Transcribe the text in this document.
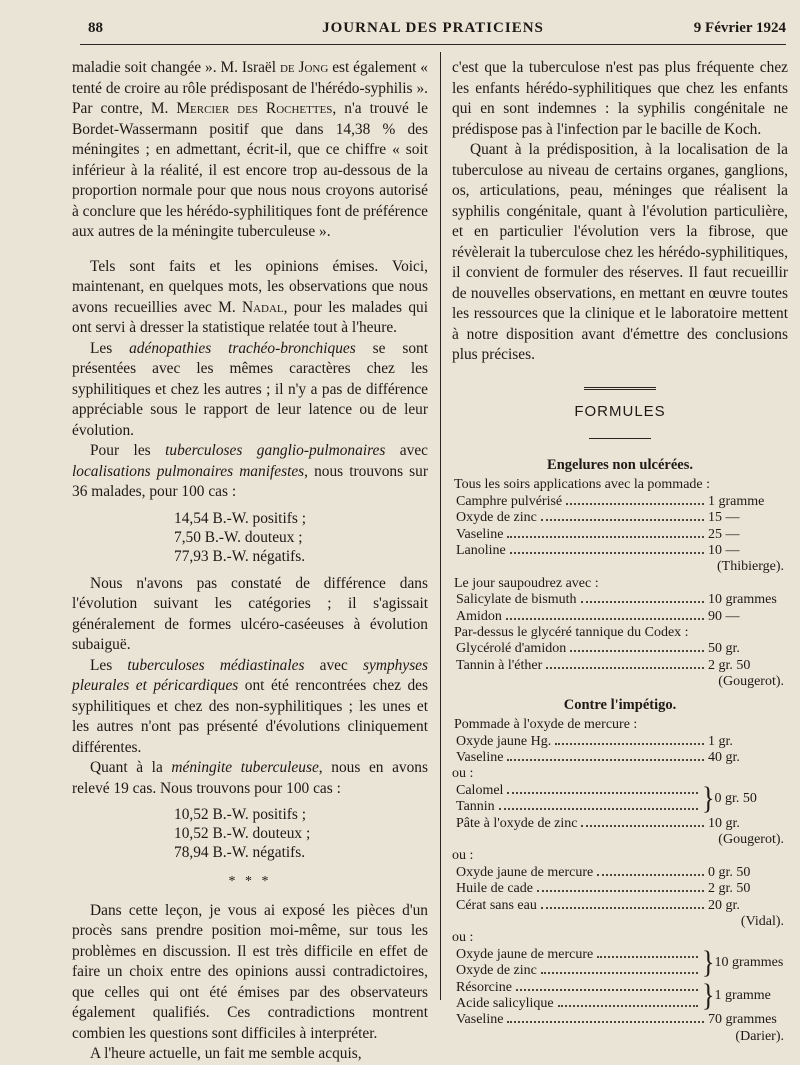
88	JOURNAL DES PRATICIENS	9 Février 1924

maladie soit changée ». M. Israël de Jong est également « tenté de croire au rôle prédisposant de l'hérédo-syphilis ». Par contre, M. Mercier des Rochettes, n'a trouvé le Bordet-Wassermann positif que dans 14,38 % des méningites ; en admettant, écrit-il, que ce chiffre « soit inférieur à la réalité, il est encore trop au-dessous de la proportion normale pour que nous nous croyons autorisé à conclure que les hérédo-syphilitiques font de préférence aux autres de la méningite tuberculeuse ».

Tels sont faits et les opinions émises. Voici, maintenant, en quelques mots, les observations que nous avons recueillies avec M. Nadal, pour les malades qui ont servi à dresser la statistique relatée tout à l'heure.

Les adénopathies trachéo-bronchiques se sont présentées avec les mêmes caractères chez les syphilitiques et chez les autres ; il n'y a pas de différence appréciable sous le rapport de leur latence ou de leur évolution.

Pour les tuberculoses ganglio-pulmonaires avec localisations pulmonaires manifestes, nous trouvons sur 36 malades, pour 100 cas :

14,54 B.-W. positifs ;
7,50 B.-W. douteux ;
77,93 B.-W. négatifs.

Nous n'avons pas constaté de différence dans l'évolution suivant les catégories ; il s'agissait généralement de formes ulcéro-caséeuses à évolution subaiguë.

Les tuberculoses médiastinales avec symphyses pleurales et péricardiques ont été rencontrées chez des syphilitiques et chez des non-syphilitiques ; les unes et les autres n'ont pas présenté d'évolutions cliniquement différentes.

Quant à la méningite tuberculeuse, nous en avons relevé 19 cas. Nous trouvons pour 100 cas :

10,52 B.-W. positifs ;
10,52 B.-W. douteux ;
78,94 B.-W. négatifs.
* * *

Dans cette leçon, je vous ai exposé les pièces d'un procès sans prendre position moi-même, sur tous les problèmes en discussion. Il est très difficile en effet de faire un choix entre des opinions aussi contradictoires, que celles qui ont été émises par des observateurs également qualifiés. Ces contradictions montrent combien les questions sont difficiles à interpréter.

A l'heure actuelle, un fait me semble acquis,

c'est que la tuberculose n'est pas plus fréquente chez les enfants hérédo-syphilitiques que chez les enfants qui en sont indemnes : la syphilis congénitale ne prédispose pas à l'infection par le bacille de Koch.

Quant à la prédisposition, à la localisation de la tuberculose au niveau de certains organes, ganglions, os, articulations, peau, méninges que réalisent la syphilis congénitale, quant à l'évolution particulière, et en particulier l'évolution vers la fibrose, que révèlerait la tuberculose chez les hérédo-syphilitiques, il convient de formuler des réserves. Il faut recueillir de nouvelles observations, en mettant en œuvre toutes les ressources que la clinique et le laboratoire mettent à notre disposition avant d'émettre des conclusions plus précises.

FORMULES
Engelures non ulcérées.
Tous les soirs applications avec la pommade :
Camphre pulvérisé	1 gramme
Oxyde de zinc	15 —
Vaseline	25 —
Lanoline	10 —
(Thibierge).
Le jour saupoudrez avec :
Salicylate de bismuth	10 grammes
Amidon	90 —
Par-dessus le glycéré tannique du Codex :
Glycérolé d'amidon	50 gr.
Tannin à l'éther	2 gr. 50
(Gougerot).
Contre l'impétigo.
Pommade à l'oxyde de mercure :
Oxyde jaune Hg.	1 gr.
Vaseline	40 gr.
ou :
Calomel
Tannin	} 0 gr. 50
Pâte à l'oxyde de zinc	10 gr.
(Gougerot).
ou :
Oxyde jaune de mercure	0 gr. 50
Huile de cade	2 gr. 50
Cérat sans eau	20 gr.
(Vidal).
ou :
Oxyde jaune de mercure
Oxyde de zinc	} 10 grammes
Résorcine
Acide salicylique	} 1 gramme
Vaseline	70 grammes
(Darier).
